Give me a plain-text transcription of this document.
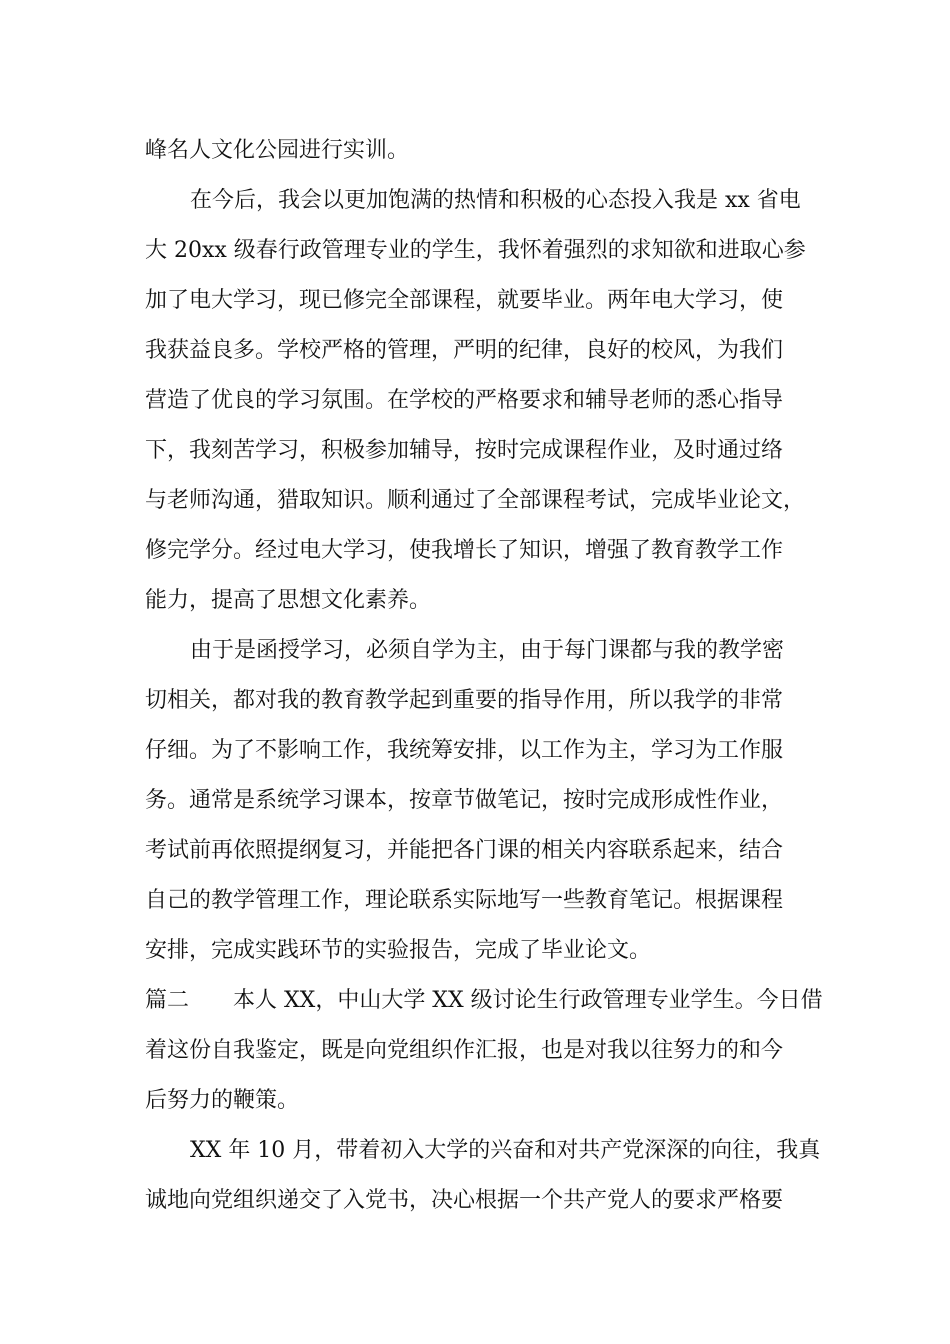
峰名人文化公园进行实训。
在今后，我会以更加饱满的热情和积极的心态投入我是 xx 省电
大 20xx 级春行政管理专业的学生，我怀着强烈的求知欲和进取心参
加了电大学习，现已修完全部课程，就要毕业。两年电大学习，使
我获益良多。学校严格的管理，严明的纪律，良好的校风，为我们
营造了优良的学习氛围。在学校的严格要求和辅导老师的悉心指导
下，我刻苦学习，积极参加辅导，按时完成课程作业，及时通过络
与老师沟通，猎取知识。顺利通过了全部课程考试，完成毕业论文，
修完学分。经过电大学习，使我增长了知识，增强了教育教学工作
能力，提高了思想文化素养。
由于是函授学习，必须自学为主，由于每门课都与我的教学密
切相关，都对我的教育教学起到重要的指导作用，所以我学的非常
仔细。为了不影响工作，我统筹安排，以工作为主，学习为工作服
务。通常是系统学习课本，按章节做笔记，按时完成形成性作业，
考试前再依照提纲复习，并能把各门课的相关内容联系起来，结合
自己的教学管理工作，理论联系实际地写一些教育笔记。根据课程
安排，完成实践环节的实验报告，完成了毕业论文。
篇二　　本人 XX，中山大学 XX 级讨论生行政管理专业学生。今日借
着这份自我鉴定，既是向党组织作汇报，也是对我以往努力的和今
后努力的鞭策。
XX 年 10 月，带着初入大学的兴奋和对共产党深深的向往，我真
诚地向党组织递交了入党书，决心根据一个共产党人的要求严格要
